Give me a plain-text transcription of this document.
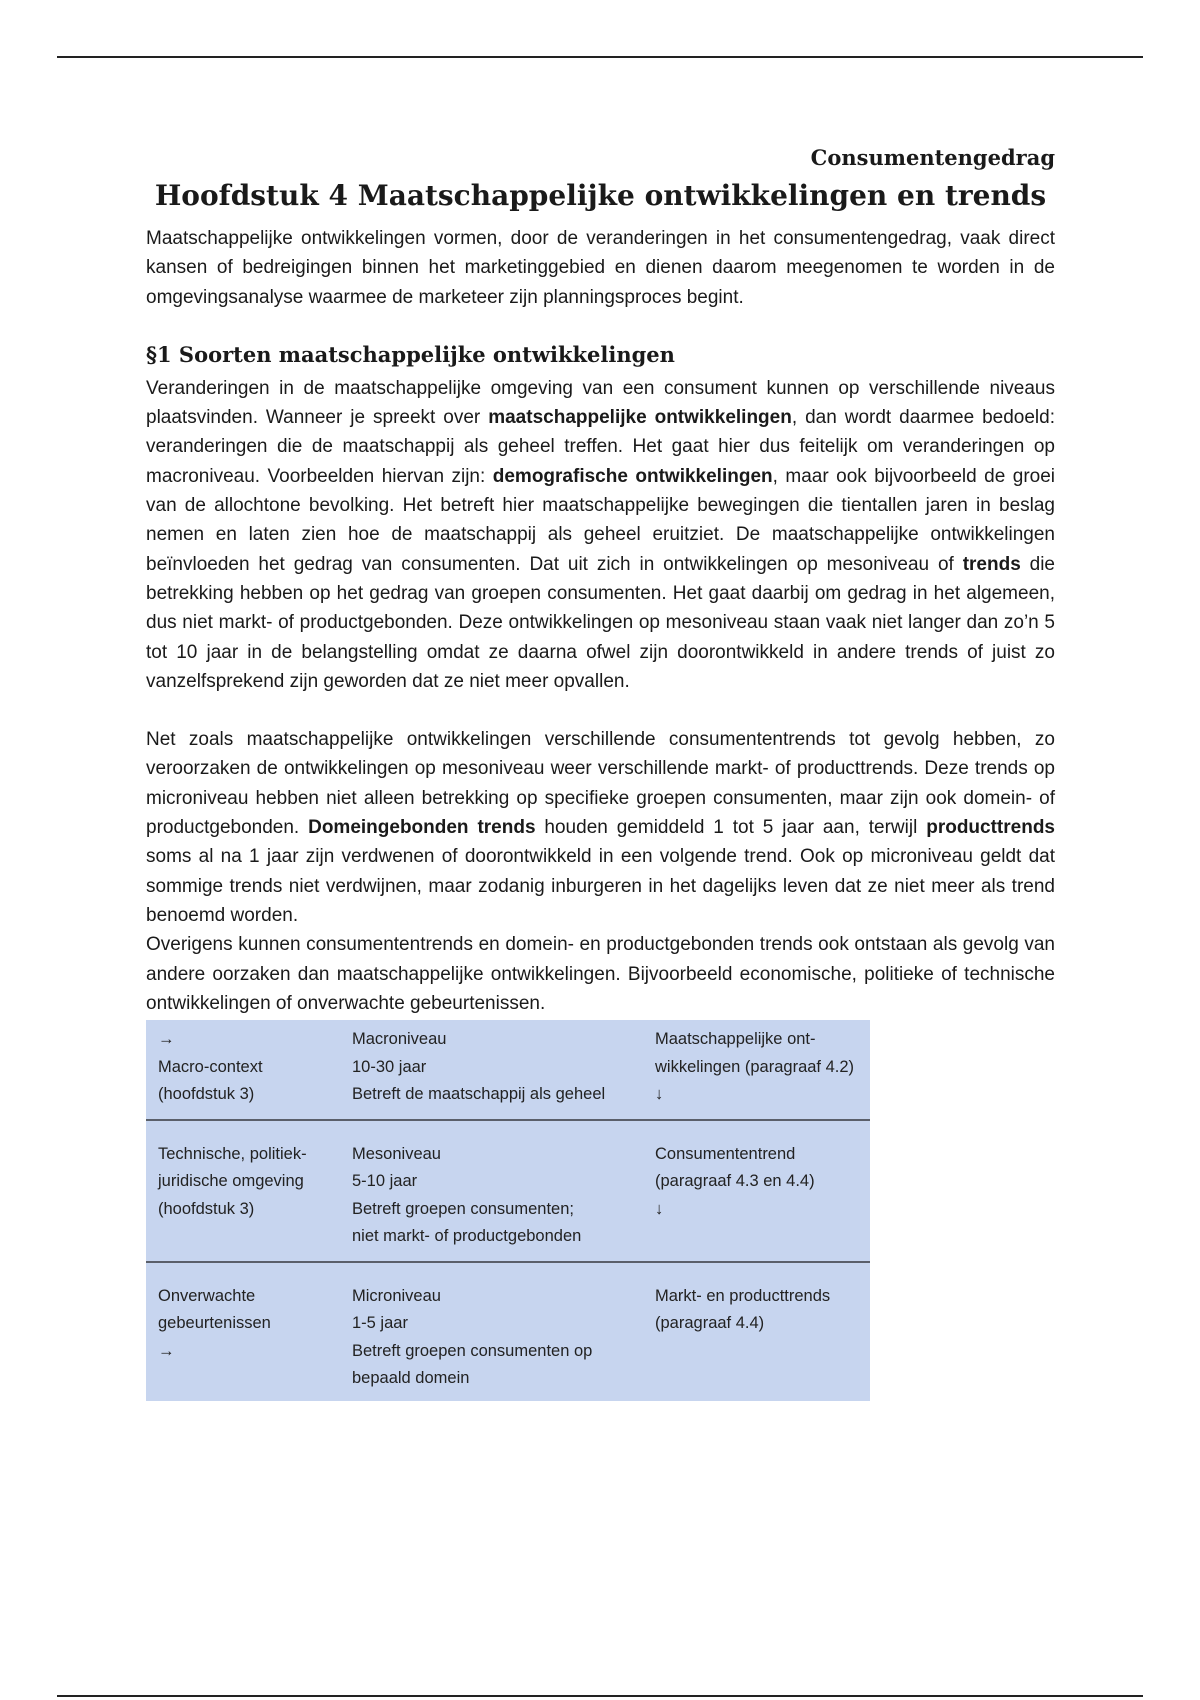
Consumentengedrag

Hoofdstuk 4 Maatschappelijke ontwikkelingen en trends

Maatschappelijke ontwikkelingen vormen, door de veranderingen in het consumentengedrag, vaak direct kansen of bedreigingen binnen het marketinggebied en dienen daarom meegenomen te worden in de omgevingsanalyse waarmee de marketeer zijn planningsproces begint.

§1 Soorten maatschappelijke ontwikkelingen

Veranderingen in de maatschappelijke omgeving van een consument kunnen op verschillende niveaus plaatsvinden. Wanneer je spreekt over maatschappelijke ontwikkelingen, dan wordt daarmee bedoeld: veranderingen die de maatschappij als geheel treffen. Het gaat hier dus feitelijk om veranderingen op macroniveau. Voorbeelden hiervan zijn: demografische ontwikkelingen, maar ook bijvoorbeeld de groei van de allochtone bevolking. Het betreft hier maatschappelijke bewegingen die tientallen jaren in beslag nemen en laten zien hoe de maatschappij als geheel eruitziet. De maatschappelijke ontwikkelingen beïnvloeden het gedrag van consumenten. Dat uit zich in ontwikkelingen op mesoniveau of trends die betrekking hebben op het gedrag van groepen consumenten. Het gaat daarbij om gedrag in het algemeen, dus niet markt- of productgebonden. Deze ontwikkelingen op mesoniveau staan vaak niet langer dan zo’n 5 tot 10 jaar in de belangstelling omdat ze daarna ofwel zijn doorontwikkeld in andere trends of juist zo vanzelfsprekend zijn geworden dat ze niet meer opvallen.

Net zoals maatschappelijke ontwikkelingen verschillende consumententrends tot gevolg hebben, zo veroorzaken de ontwikkelingen op mesoniveau weer verschillende markt- of producttrends. Deze trends op microniveau hebben niet alleen betrekking op specifieke groepen consumenten, maar zijn ook domein- of productgebonden. Domeingebonden trends houden gemiddeld 1 tot 5 jaar aan, terwijl producttrends soms al na 1 jaar zijn verdwenen of doorontwikkeld in een volgende trend. Ook op microniveau geldt dat sommige trends niet verdwijnen, maar zodanig inburgeren in het dagelijks leven dat ze niet meer als trend benoemd worden.

Overigens kunnen consumententrends en domein- en productgebonden trends ook ontstaan als gevolg van andere oorzaken dan maatschappelijke ontwikkelingen. Bijvoorbeeld economische, politieke of technische ontwikkelingen of onverwachte gebeurtenissen.

→
Macro-context
(hoofdstuk 3)
Macroniveau
10-30 jaar
Betreft de maatschappij als geheel
Maatschappelijke ont-
wikkelingen (paragraaf 4.2)
↓
Technische, politiek-
juridische omgeving
(hoofdstuk 3)
Mesoniveau
5-10 jaar
Betreft groepen consumenten;
niet markt- of productgebonden
Consumententrend
(paragraaf 4.3 en 4.4)
↓
Onverwachte
gebeurtenissen
→
Microniveau
1-5 jaar
Betreft groepen consumenten op
bepaald domein
Markt- en producttrends
(paragraaf 4.4)
